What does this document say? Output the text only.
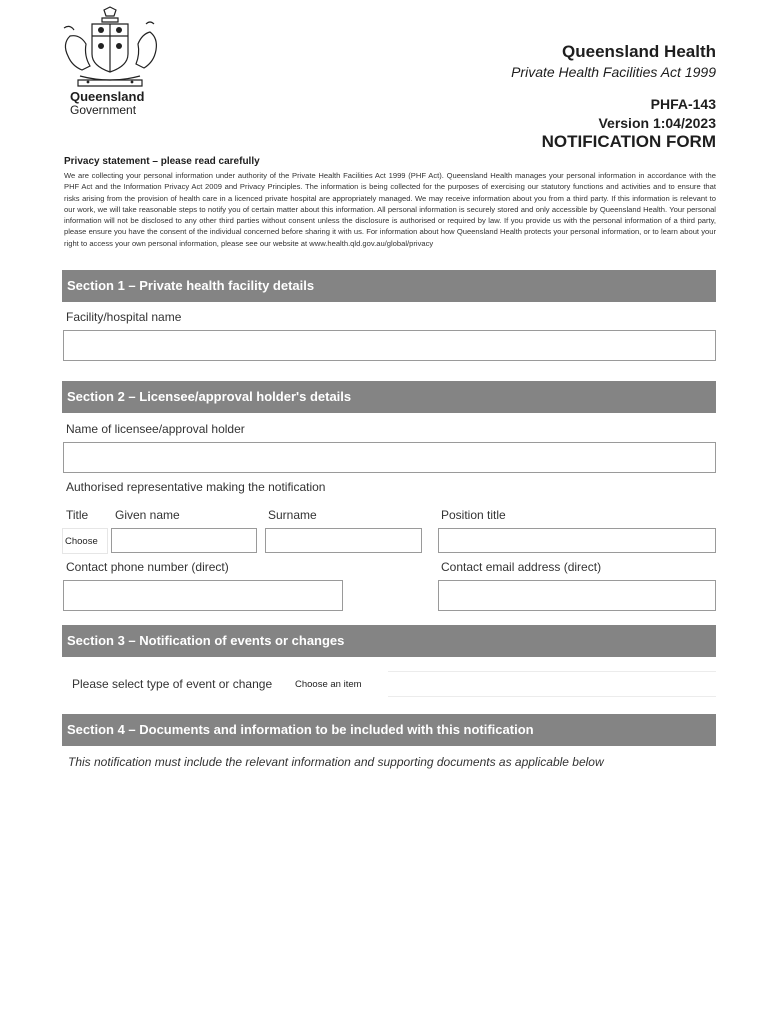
Queensland
Government
Queensland Health
Private Health Facilities Act 1999
PHFA-143
Version 1:04/2023
NOTIFICATION FORM
Privacy statement – please read carefully
We are collecting your personal information under authority of the Private Health Facilities Act 1999 (PHF Act). Queensland Health manages your personal information in accordance with the PHF Act and the Information Privacy Act 2009 and Privacy Principles. The information is being collected for the purposes of exercising our statutory functions and activities and to ensure that risks arising from the provision of health care in a licenced private hospital are appropriately managed. We may receive information about you from a third party. If this information is relevant to our work, we will take reasonable steps to notify you of certain matter about this information. All personal information is securely stored and only accessible by Queensland Health. Your personal information will not be disclosed to any other third parties without consent unless the disclosure is authorised or required by law. If you provide us with the personal information of a third party, please ensure you have the consent of the individual concerned before sharing it with us. For information about how Queensland Health protects your personal information, or to learn about your right to access your own personal information, please see our website at www.health.qld.gov.au/global/privacy
Section 1 – Private health facility details
Facility/hospital name
Section 2 – Licensee/approval holder's details
Name of licensee/approval holder
Authorised representative making the notification
Title Given name	Surname	Position title
Choose
Contact phone number (direct)	Contact email address (direct)
Section 3 – Notification of events or changes
Please select type of event or change Choose an item
Section 4 – Documents and information to be included with this notification
This notification must include the relevant information and supporting documents as applicable below
